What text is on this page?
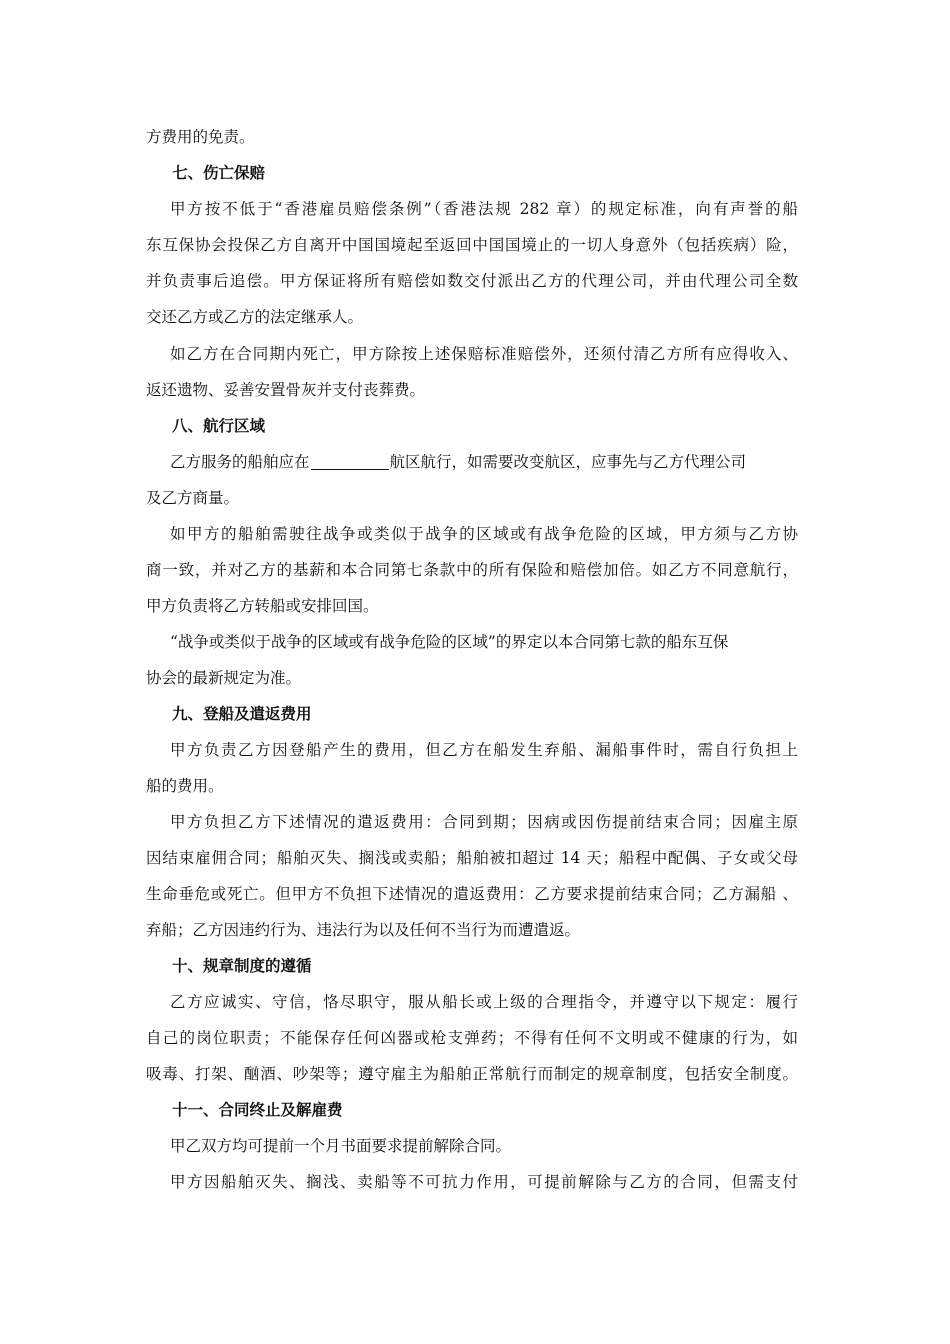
方费用的免责。
七、伤亡保赔
甲方按不低于“香港雇员赔偿条例”（香港法规 282 章）的规定标准，向有声誉的船
东互保协会投保乙方自离开中国国境起至返回中国国境止的一切人身意外（包括疾病）险，
并负责事后追偿。甲方保证将所有赔偿如数交付派出乙方的代理公司，并由代理公司全数
交还乙方或乙方的法定继承人。
如乙方在合同期内死亡，甲方除按上述保赔标准赔偿外，还须付清乙方所有应得收入、
返还遗物、妥善安置骨灰并支付丧葬费。
八、航行区域
乙方服务的船舶应在	航区航行，如需要改变航区，应事先与乙方代理公司
及乙方商量。
如甲方的船舶需驶往战争或类似于战争的区域或有战争危险的区域，甲方须与乙方协
商一致，并对乙方的基薪和本合同第七条款中的所有保险和赔偿加倍。如乙方不同意航行，
甲方负责将乙方转船或安排回国。
“战争或类似于战争的区域或有战争危险的区域”的界定以本合同第七款的船东互保
协会的最新规定为准。
九、登船及遣返费用
甲方负责乙方因登船产生的费用，但乙方在船发生弃船、漏船事件时，需自行负担上
船的费用。
甲方负担乙方下述情况的遣返费用：合同到期；因病或因伤提前结束合同；因雇主原
因结束雇佣合同；船舶灭失、搁浅或卖船；船舶被扣超过 14 天；船程中配偶、子女或父母
生命垂危或死亡。但甲方不负担下述情况的遣返费用：乙方要求提前结束合同；乙方漏船 、
弃船；乙方因违约行为、违法行为以及任何不当行为而遭遣返。
十、规章制度的遵循
乙方应诚实、守信，恪尽职守，服从船长或上级的合理指令，并遵守以下规定：履行
自己的岗位职责；不能保存任何凶器或枪支弹药；不得有任何不文明或不健康的行为，如
吸毒、打架、酗酒、吵架等；遵守雇主为船舶正常航行而制定的规章制度，包括安全制度。
十一、合同终止及解雇费
甲乙双方均可提前一个月书面要求提前解除合同。
甲方因船舶灭失、搁浅、卖船等不可抗力作用，可提前解除与乙方的合同，但需支付
